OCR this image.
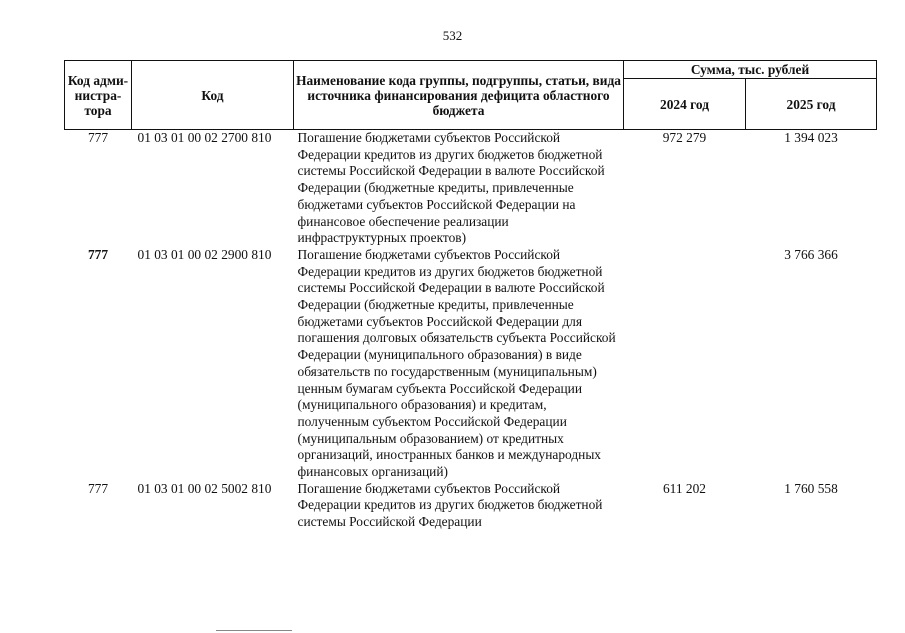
532
Код адми-нистра-тора	Код	Наименование кода группы, подгруппы, статьи, вида источника финансирования дефицита областного бюджета	Сумма, тыс. рублей	
			2024 год	2025 год
777	01 03 01 00 02 2700 810	Погашение бюджетами субъектов Российской Федерации кредитов из других бюджетов бюджетной системы Российской Федерации в валюте Российской Федерации (бюджетные кредиты, привлеченные бюджетами субъектов Российской Федерации на финансовое обеспечение реализации инфраструктурных проектов)	972 279	1 394 023
777	01 03 01 00 02 2900 810	Погашение бюджетами субъектов Российской Федерации кредитов из других бюджетов бюджетной системы Российской Федерации в валюте Российской Федерации (бюджетные кредиты, привлеченные бюджетами субъектов Российской Федерации для погашения долговых обязательств субъекта Российской Федерации (муниципального образования) в виде обязательств по государственным (муниципальным) ценным бумагам субъекта Российской Федерации (муниципального образования) и кредитам, полученным субъектом Российской Федерации (муниципальным образованием) от кредитных организаций, иностранных банков и международных финансовых организаций)		3 766 366
777	01 03 01 00 02 5002 810	Погашение бюджетами субъектов Российской Федерации кредитов из других бюджетов бюджетной системы Российской Федерации	611 202	1 760 558
